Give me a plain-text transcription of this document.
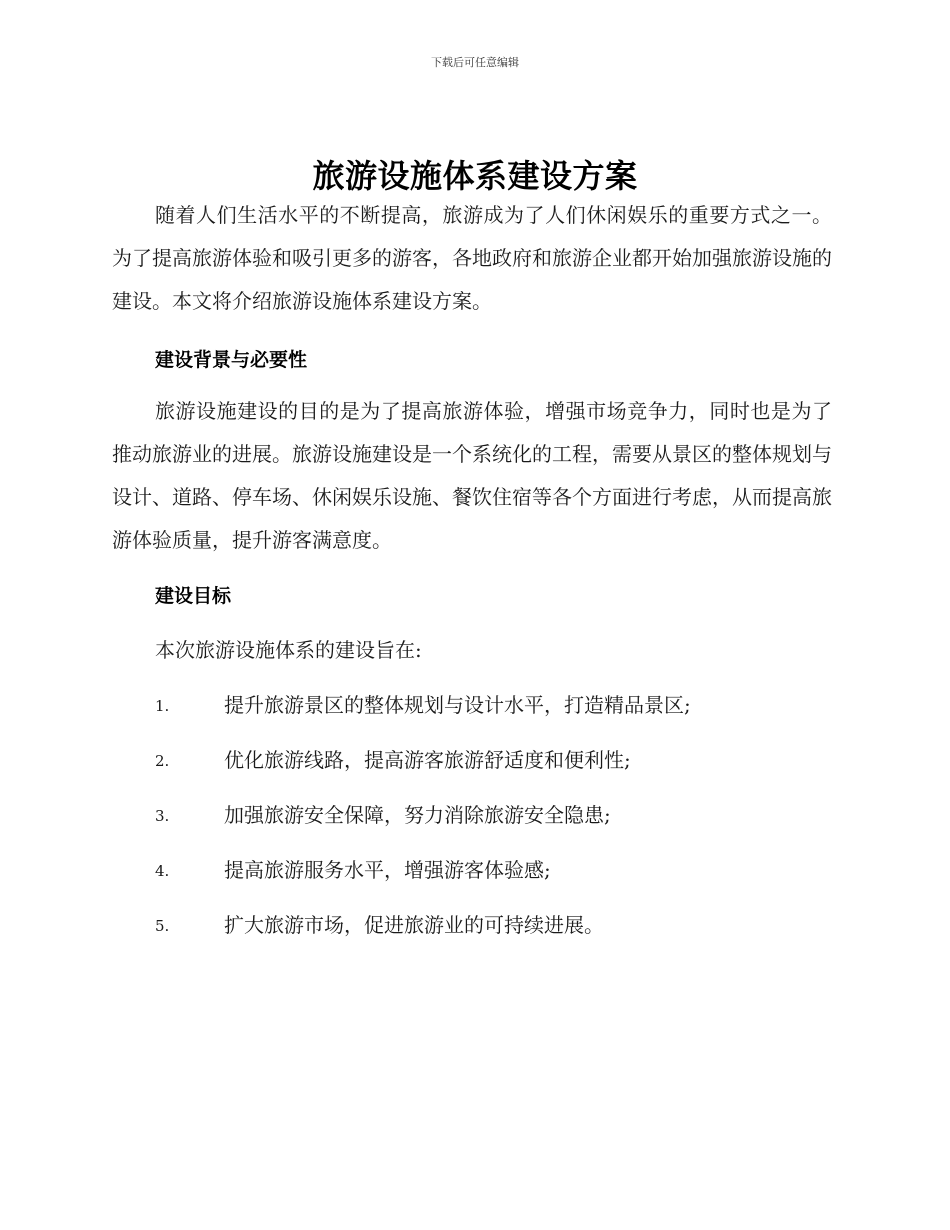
下载后可任意编辑
旅游设施体系建设方案

随着人们生活水平的不断提高，旅游成为了人们休闲娱乐的重要方式之一。为了提高旅游体验和吸引更多的游客，各地政府和旅游企业都开始加强旅游设施的建设。本文将介绍旅游设施体系建设方案。

建设背景与必要性

旅游设施建设的目的是为了提高旅游体验，增强市场竞争力，同时也是为了推动旅游业的进展。旅游设施建设是一个系统化的工程，需要从景区的整体规划与设计、道路、停车场、休闲娱乐设施、餐饮住宿等各个方面进行考虑，从而提高旅游体验质量，提升游客满意度。

建设目标

本次旅游设施体系的建设旨在:

1.	提升旅游景区的整体规划与设计水平，打造精品景区;
2.	优化旅游线路，提高游客旅游舒适度和便利性;
3.	加强旅游安全保障，努力消除旅游安全隐患;
4.	提高旅游服务水平，增强游客体验感;
5.	扩大旅游市场，促进旅游业的可持续进展。
